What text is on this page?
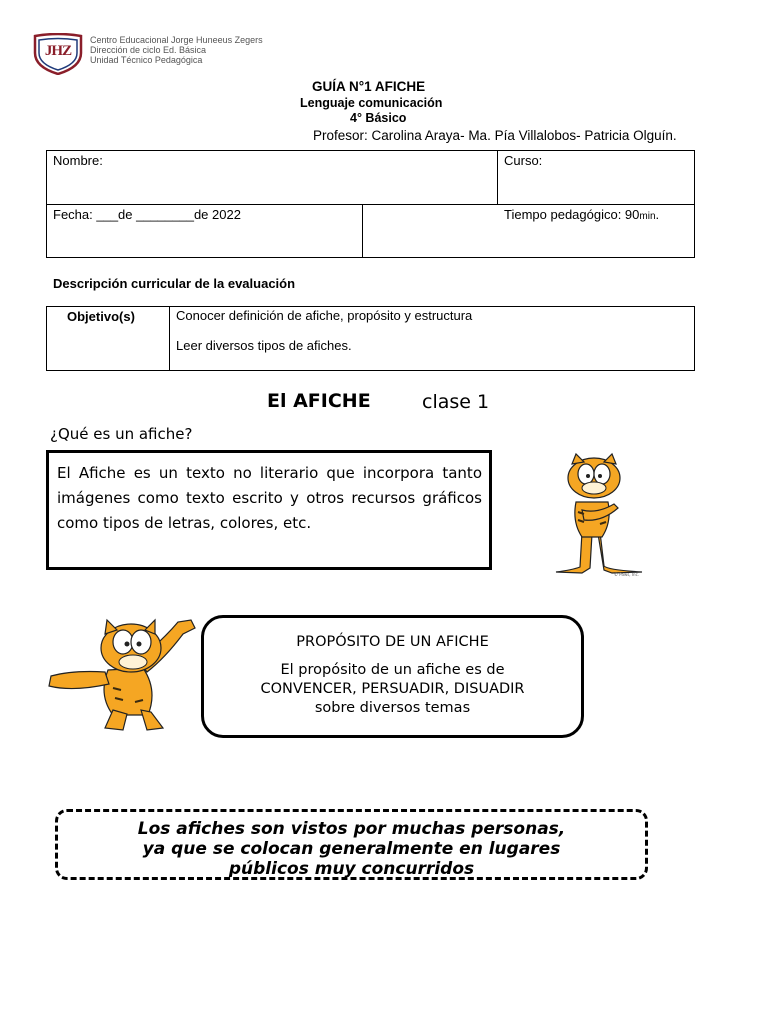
JHZ
Centro Educacional Jorge Huneeus Zegers
Dirección de ciclo Ed. Básica
Unidad Técnico Pedagógica
GUÍA N°1 AFICHE
Lenguaje comunicación
4° Básico
Profesor: Carolina Araya- Ma. Pía Villalobos- Patricia Olguín.
Nombre:	Curso:
Fecha: ___de ________de 2022	Tiempo pedagógico: 90min.
Descripción curricular de la evaluación
Objetivo(s)	Conocer definición de afiche, propósito y estructura
Leer diversos tipos de afiches.
El AFICHE	clase 1
¿Qué es un afiche?
El Afiche es un texto no literario que incorpora tanto imágenes como texto escrito y otros recursos gráficos como tipos de letras, colores, etc.
© Paws, Inc.
PROPÓSITO DE UN AFICHE
El propósito de un afiche es de
CONVENCER, PERSUADIR, DISUADIR
sobre diversos temas
Los afiches son vistos por muchas personas,
ya que se colocan generalmente en lugares
públicos muy concurridos
